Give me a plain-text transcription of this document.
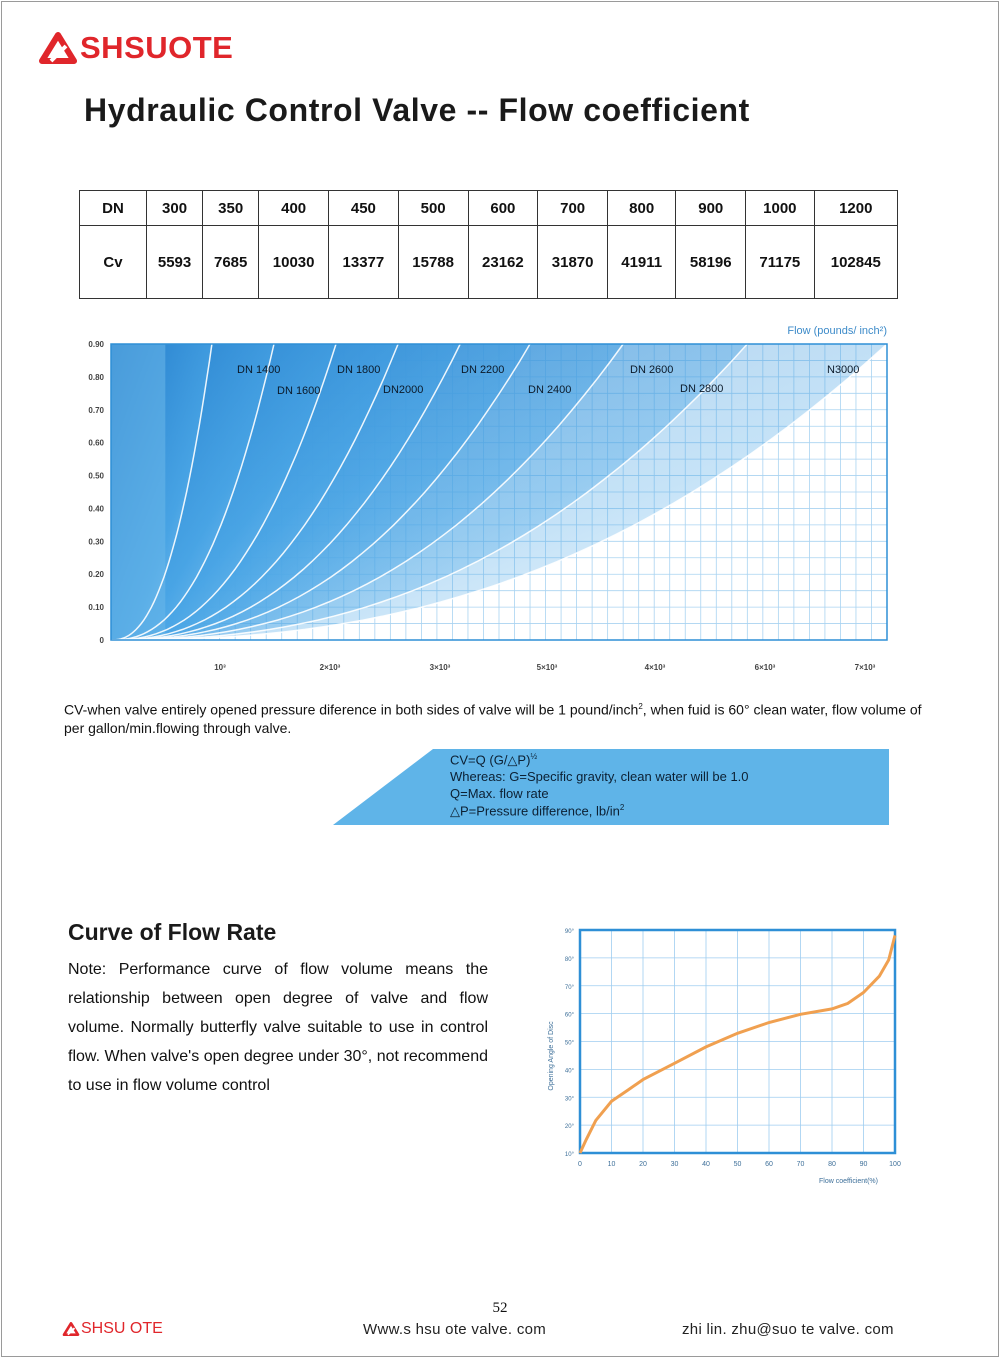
SHSUOTE
Hydraulic Control Valve -- Flow coefficient
DN	300	350	400	450	500	600	700	800	900	1000	1200
Cv	5593	7685	10030	13377	15788	23162	31870	41911	58196	71175	102845
Flow (pounds/ inch²)
0.90
0.80
0.70
0.60
0.50
0.40
0.30
0.20
0.10
0
10³	2×10³	3×10³	5×10³	4×10³	6×10³	7×10³
DN 1400
DN 1600
DN 1800
DN2000
DN 2200
DN 2400
DN 2600
DN 2800
N3000
CV-when valve entirely opened pressure diference in both sides of valve will be 1 pound/inch$^2$, when fuid is 60° clean water, flow volume of per gallon/min.flowing through valve.
CV=Q (G/△P)$^{\frac{1}{2}}$
Whereas: G=Specific gravity, clean water will be 1.0
Q=Max. flow rate
△P=Pressure difference, $lb/in^2$
Curve of Flow Rate
Note: Performance curve of flow volume means the relationship between open degree of valve and flow volume. Normally butterfly valve suitable to use in control flow. When valve's open degree under 30°, not recommend to use in flow volume control
90°
80°
70°
60°
50°
40°
30°
20°
10°
0	10	20	30	40	50	60	70	80	90	100
Flow coefficient(%)
Opening Angle of Disc
52
SHSU OTE	Www.s hsu ote valve. com	zhi lin. zhu@suo te valve. com
